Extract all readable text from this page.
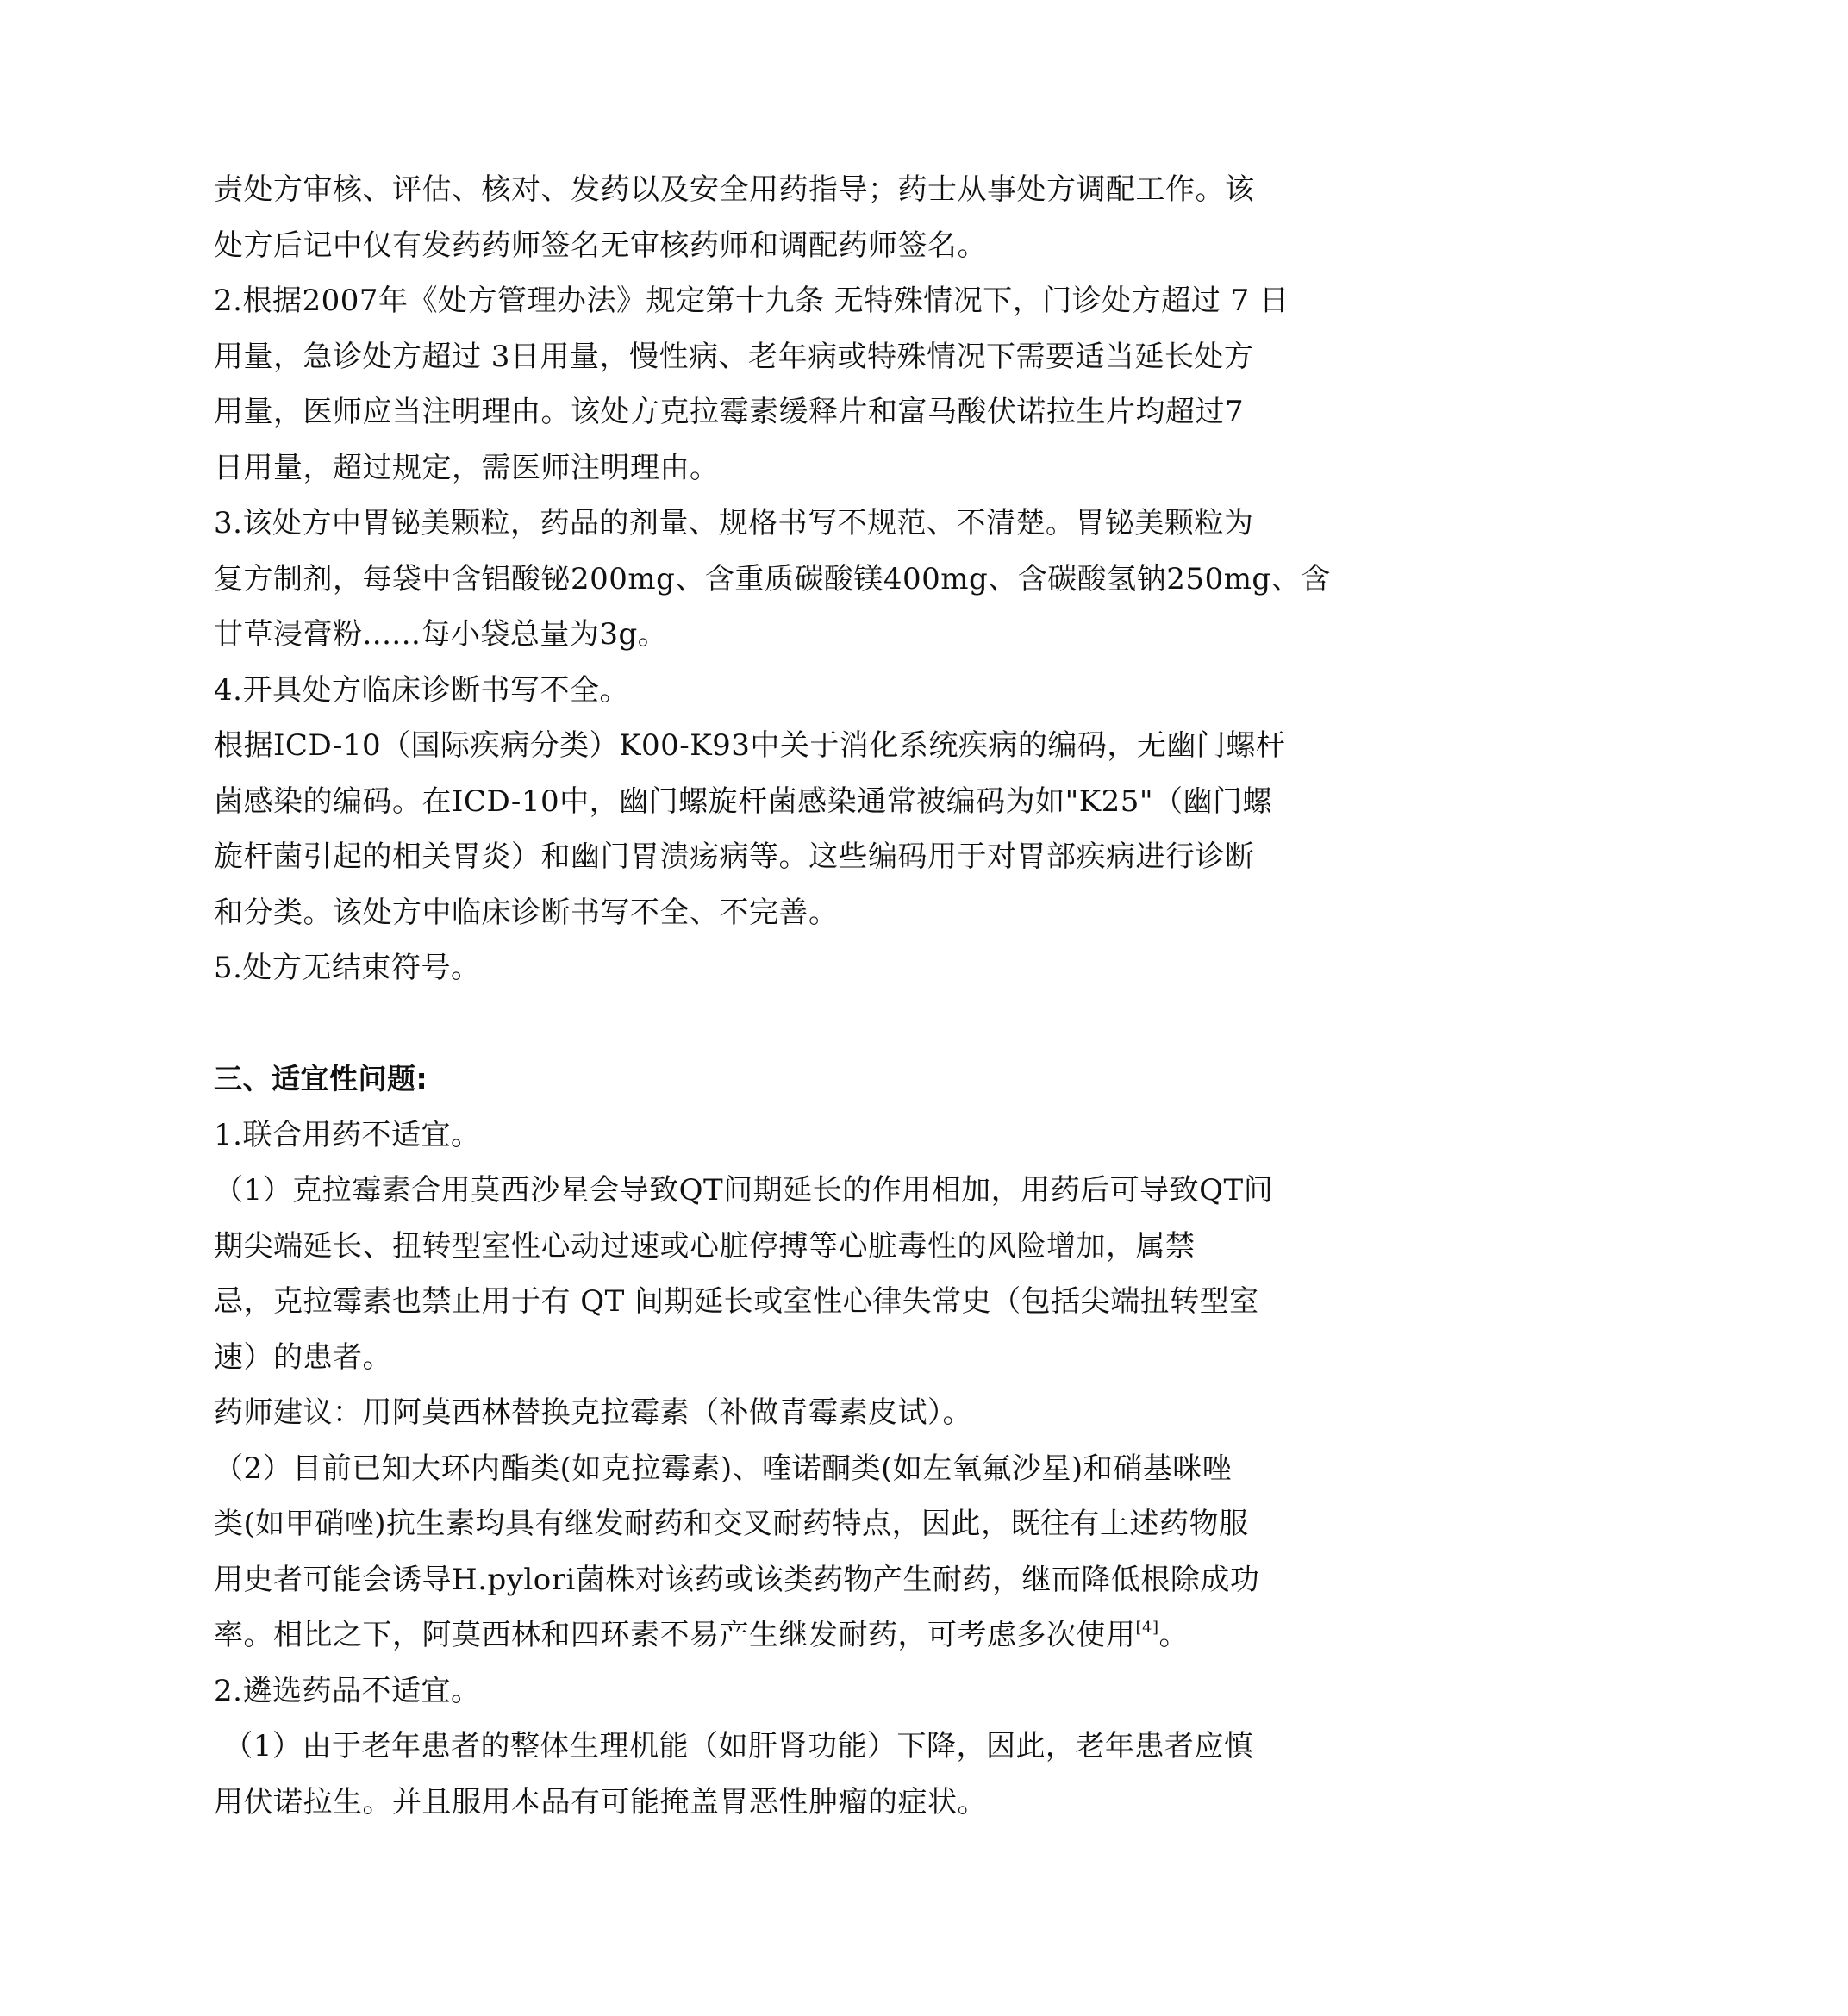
责处方审核、评估、核对、发药以及安全用药指导；药士从事处方调配工作。该
处方后记中仅有发药药师签名无审核药师和调配药师签名。
2.根据2007年《处方管理办法》规定第十九条 无特殊情况下，门诊处方超过 7 日
用量，急诊处方超过 3日用量，慢性病、老年病或特殊情况下需要适当延长处方
用量，医师应当注明理由。该处方克拉霉素缓释片和富马酸伏诺拉生片均超过7
日用量，超过规定，需医师注明理由。
3.该处方中胃铋美颗粒，药品的剂量、规格书写不规范、不清楚。胃铋美颗粒为
复方制剂，每袋中含铝酸铋200mg、含重质碳酸镁400mg、含碳酸氢钠250mg、含
甘草浸膏粉......每小袋总量为3g。
4.开具处方临床诊断书写不全。
根据ICD-10（国际疾病分类）K00-K93中关于消化系统疾病的编码，无幽门螺杆
菌感染的编码。在ICD-10中，幽门螺旋杆菌感染通常被编码为如"K25"（幽门螺
旋杆菌引起的相关胃炎）和幽门胃溃疡病等。这些编码用于对胃部疾病进行诊断
和分类。该处方中临床诊断书写不全、不完善。
5.处方无结束符号。
三、适宜性问题:
1.联合用药不适宜。
（1）克拉霉素合用莫西沙星会导致QT间期延长的作用相加，用药后可导致QT间
期尖端延长、扭转型室性心动过速或心脏停搏等心脏毒性的风险增加，属禁
忌，克拉霉素也禁止用于有 QT 间期延长或室性心律失常史（包括尖端扭转型室
速）的患者。
药师建议：用阿莫西林替换克拉霉素（补做青霉素皮试）。
（2）目前已知大环内酯类(如克拉霉素)、喹诺酮类(如左氧氟沙星)和硝基咪唑
类(如甲硝唑)抗生素均具有继发耐药和交叉耐药特点，因此，既往有上述药物服
用史者可能会诱导H.pylori菌株对该药或该类药物产生耐药，继而降低根除成功
率。相比之下，阿莫西林和四环素不易产生继发耐药，可考虑多次使用[4]。
2.遴选药品不适宜。
（1）由于老年患者的整体生理机能（如肝肾功能）下降，因此，老年患者应慎
用伏诺拉生。并且服用本品有可能掩盖胃恶性肿瘤的症状。
